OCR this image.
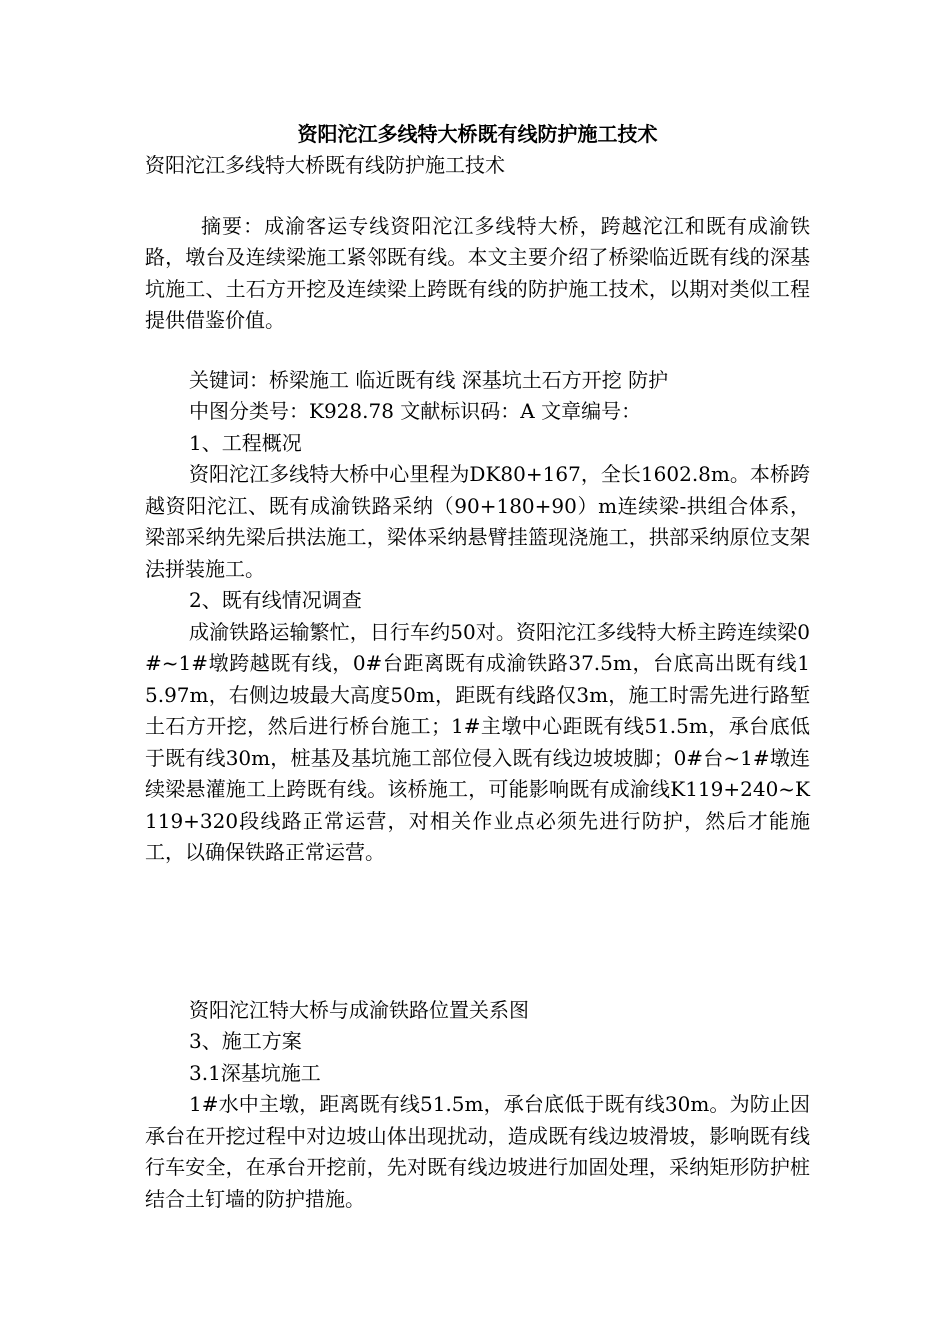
资阳沱江多线特大桥既有线防护施工技术

资阳沱江多线特大桥既有线防护施工技术

摘要：成渝客运专线资阳沱江多线特大桥，跨越沱江和既有成渝铁路，墩台及连续梁施工紧邻既有线。本文主要介绍了桥梁临近既有线的深基坑施工、土石方开挖及连续梁上跨既有线的防护施工技术，以期对类似工程提供借鉴价值。

关键词：桥梁施工 临近既有线 深基坑土石方开挖 防护

中图分类号：K928.78 文献标识码：A 文章编号：

1、工程概况

资阳沱江多线特大桥中心里程为DK80+167，全长1602.8m。本桥跨越资阳沱江、既有成渝铁路采纳（90+180+90）m连续梁-拱组合体系，梁部采纳先梁后拱法施工，梁体采纳悬臂挂篮现浇施工，拱部采纳原位支架法拼装施工。

2、既有线情况调查

成渝铁路运输繁忙，日行车约50对。资阳沱江多线特大桥主跨连续梁0#~1#墩跨越既有线，0#台距离既有成渝铁路37.5m，台底高出既有线15.97m，右侧边坡最大高度50m，距既有线路仅3m，施工时需先进行路堑土石方开挖，然后进行桥台施工；1#主墩中心距既有线51.5m，承台底低于既有线30m，桩基及基坑施工部位侵入既有线边坡坡脚；0#台~1#墩连续梁悬灌施工上跨既有线。该桥施工，可能影响既有成渝线K119+240~K119+320段线路正常运营，对相关作业点必须先进行防护，然后才能施工，以确保铁路正常运营。

资阳沱江特大桥与成渝铁路位置关系图

3、施工方案

3.1深基坑施工

1#水中主墩，距离既有线51.5m，承台底低于既有线30m。为防止因承台在开挖过程中对边坡山体出现扰动，造成既有线边坡滑坡，影响既有线行车安全，在承台开挖前，先对既有线边坡进行加固处理，采纳矩形防护桩结合土钉墙的防护措施。
